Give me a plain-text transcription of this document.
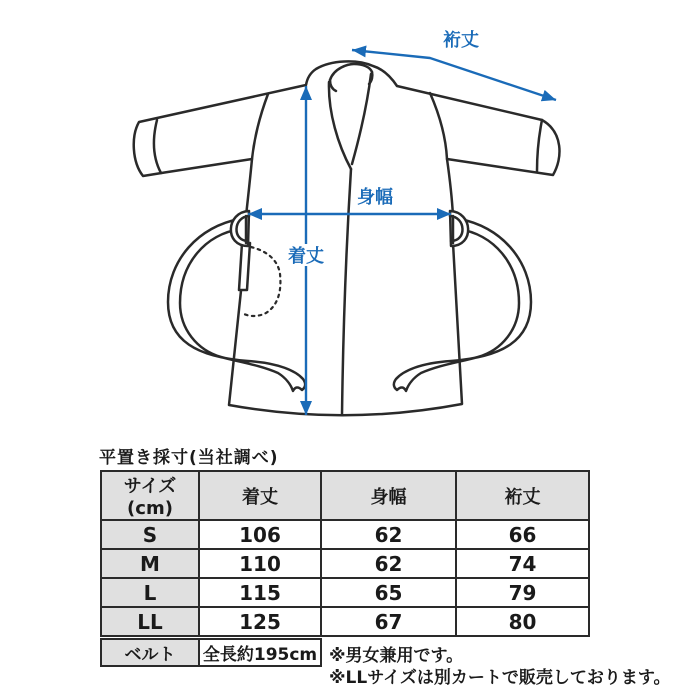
裄丈
身幅
着丈
平置き採寸(当社調べ)
サイズ(cm)	着丈	身幅	裄丈
S	106	62	66
M	110	62	74
L	115	65	79
LL	125	67	80
ベルト	全長約195cm ※男女兼用です。
※LLサイズは別カートで販売しております。
